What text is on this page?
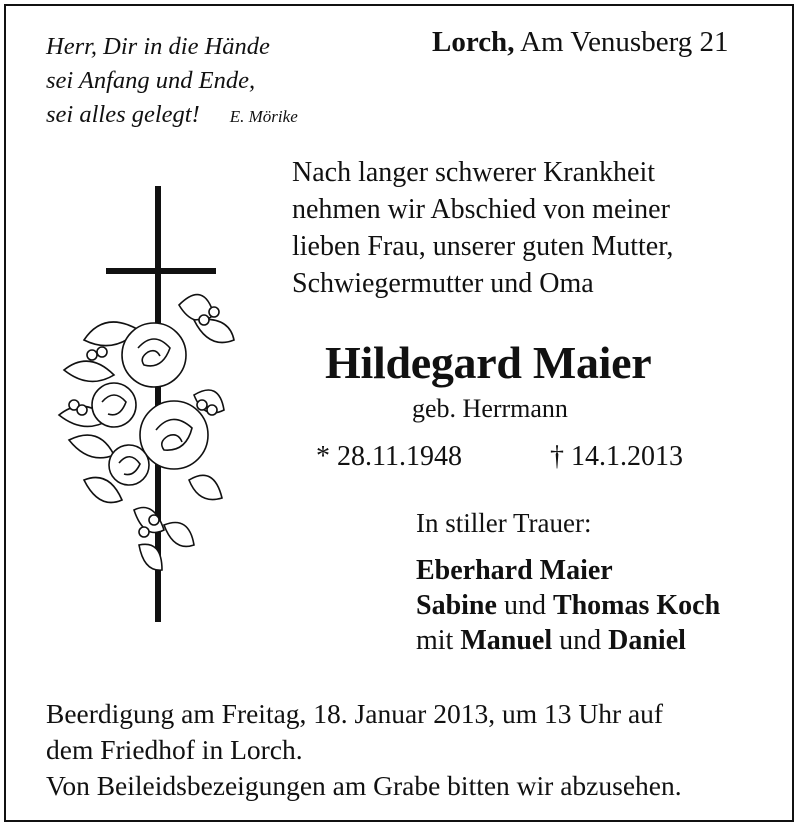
Herr, Dir in die Hände
sei Anfang und Ende,
sei alles gelegt! E. Mörike
Lorch, Am Venusberg 21
Nach langer schwerer Krankheit
nehmen wir Abschied von meiner
lieben Frau, unserer guten Mutter,
Schwiegermutter und Oma
Hildegard Maier
geb. Herrmann
* 28.11.1948	† 14.1.2013
In stiller Trauer:
Eberhard Maier
Sabine und Thomas Koch
mit Manuel und Daniel
Beerdigung am Freitag, 18. Januar 2013, um 13 Uhr auf
dem Friedhof in Lorch.
Von Beileidsbezeigungen am Grabe bitten wir abzusehen.
